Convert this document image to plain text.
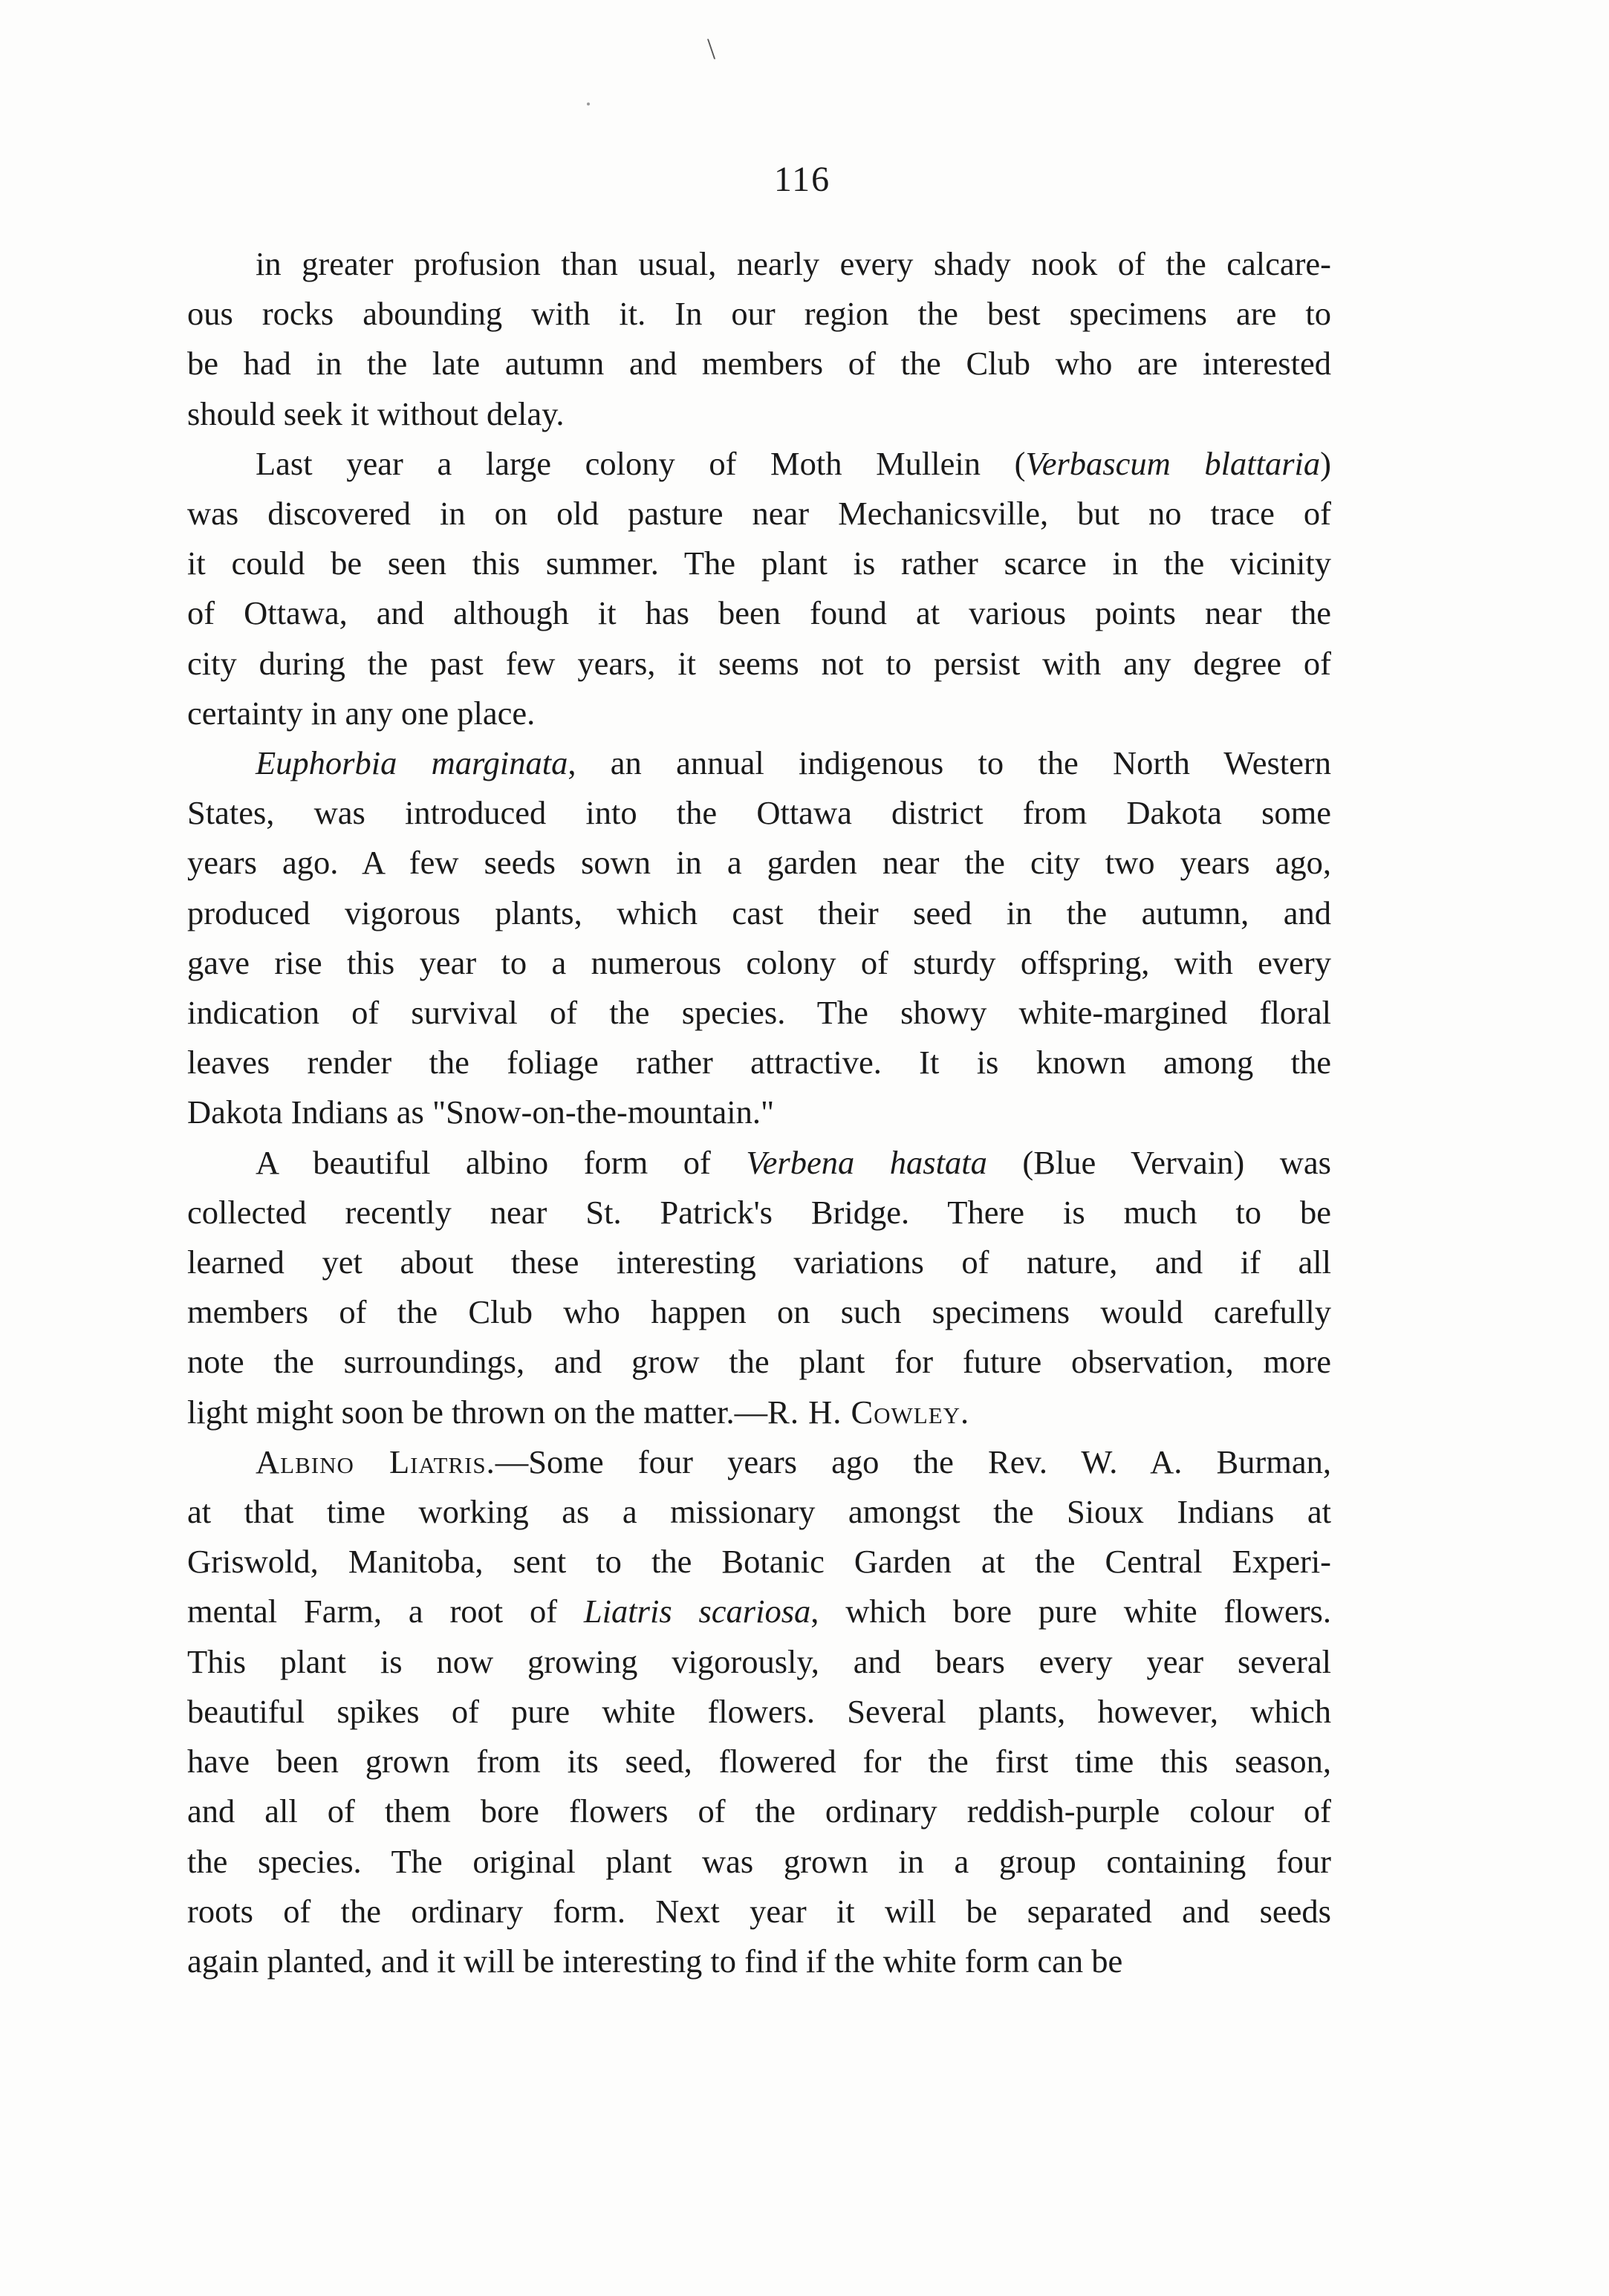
\
116

in greater profusion than usual, nearly every shady nook of the calcare-
ous rocks abounding with it. In our region the best specimens are to
be had in the late autumn and members of the Club who are interested
should seek it without delay.

Last year a large colony of Moth Mullein (Verbascum blattaria)
was discovered in on old pasture near Mechanicsville, but no trace of
it could be seen this summer. The plant is rather scarce in the vicinity
of Ottawa, and although it has been found at various points near the
city during the past few years, it seems not to persist with any degree of
certainty in any one place.

Euphorbia marginata, an annual indigenous to the North Western
States, was introduced into the Ottawa district from Dakota some
years ago. A few seeds sown in a garden near the city two years ago,
produced vigorous plants, which cast their seed in the autumn, and
gave rise this year to a numerous colony of sturdy offspring, with every
indication of survival of the species. The showy white-margined floral
leaves render the foliage rather attractive. It is known among the
Dakota Indians as "Snow-on-the-mountain."

A beautiful albino form of Verbena hastata (Blue Vervain) was
collected recently near St. Patrick's Bridge. There is much to be
learned yet about these interesting variations of nature, and if all
members of the Club who happen on such specimens would carefully
note the surroundings, and grow the plant for future observation, more
light might soon be thrown on the matter.—R. H. Cowley.

Albino Liatris.—Some four years ago the Rev. W. A. Burman,
at that time working as a missionary amongst the Sioux Indians at
Griswold, Manitoba, sent to the Botanic Garden at the Central Experi-
mental Farm, a root of Liatris scariosa, which bore pure white flowers.
This plant is now growing vigorously, and bears every year several
beautiful spikes of pure white flowers. Several plants, however, which
have been grown from its seed, flowered for the first time this season,
and all of them bore flowers of the ordinary reddish-purple colour of
the species. The original plant was grown in a group containing four
roots of the ordinary form. Next year it will be separated and seeds
again planted, and it will be interesting to find if the white form can be
